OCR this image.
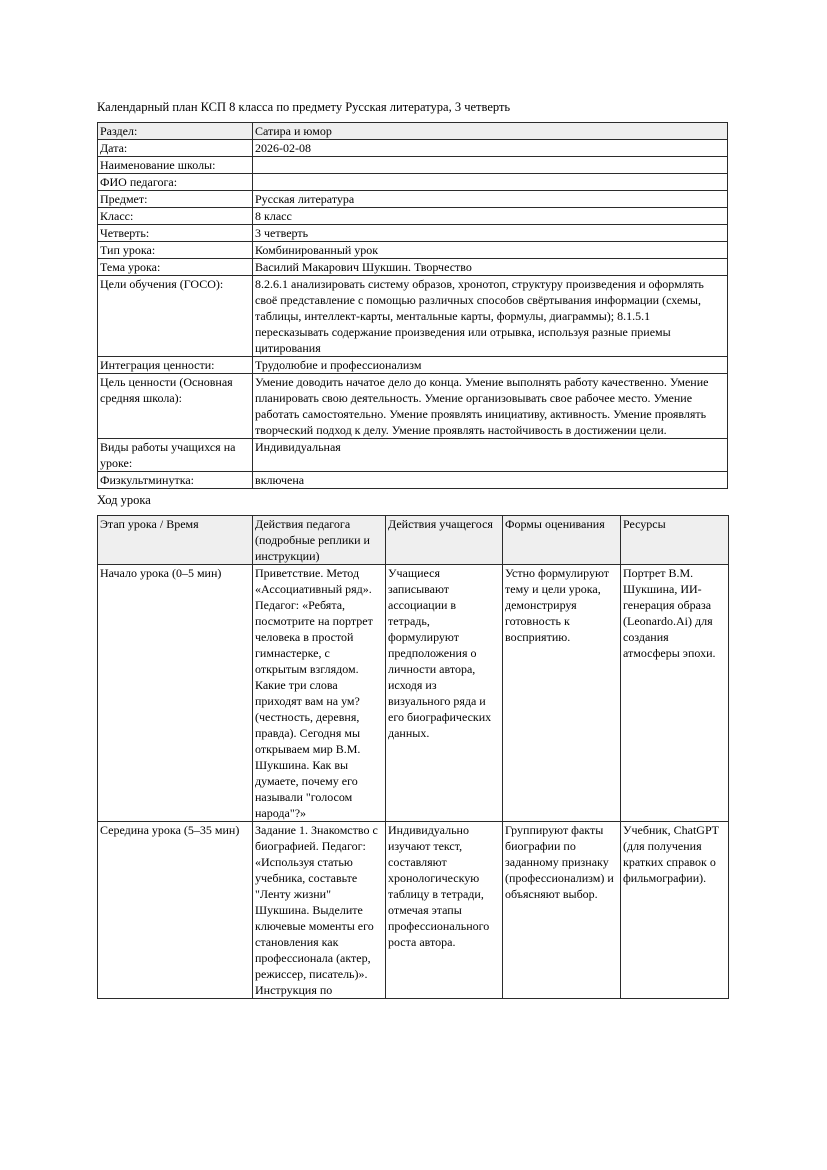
Календарный план КСП 8 класса по предмету Русская литература, 3 четверть

Раздел:	Сатира и юмор
Дата:	2026-02-08
Наименование школы:	
ФИО педагога:	
Предмет:	Русская литература
Класс:	8 класс
Четверть:	3 четверть
Тип урока:	Комбинированный урок
Тема урока:	Василий Макарович Шукшин. Творчество
Цели обучения (ГОСО):	8.2.6.1 анализировать систему образов, хронотоп, структуру произведения и оформлять своё представление с помощью различных способов свёртывания информации (схемы, таблицы, интеллект-карты, ментальные карты, формулы, диаграммы); 8.1.5.1 пересказывать содержание произведения или отрывка, используя разные приемы цитирования
Интеграция ценности:	Трудолюбие и профессионализм
Цель ценности (Основная средняя школа):	Умение доводить начатое дело до конца. Умение выполнять работу качественно. Умение планировать свою деятельность. Умение организовывать свое рабочее место. Умение работать самостоятельно. Умение проявлять инициативу, активность. Умение проявлять творческий подход к делу. Умение проявлять настойчивость в достижении цели.
Виды работы учащихся на уроке:	Индивидуальная
Физкультминутка:	включена

Ход урока

Этап урока / Время	Действия педагога (подробные реплики и инструкции)	Действия учащегося	Формы оценивания	Ресурсы
Начало урока (0–5 мин)	Приветствие. Метод «Ассоциативный ряд». Педагог: «Ребята, посмотрите на портрет человека в простой гимнастерке, с открытым взглядом. Какие три слова приходят вам на ум? (честность, деревня, правда). Сегодня мы открываем мир В.М. Шукшина. Как вы думаете, почему его называли "голосом народа"?»	Учащиеся записывают ассоциации в тетрадь, формулируют предположения о личности автора, исходя из визуального ряда и его биографических данных.	Устно формулируют тему и цели урока, демонстрируя готовность к восприятию.	Портрет В.М. Шукшина, ИИ-генерация образа (Leonardo.Ai) для создания атмосферы эпохи.
Середина урока (5–35 мин)	Задание 1. Знакомство с биографией. Педагог: «Используя статью учебника, составьте "Ленту жизни" Шукшина. Выделите ключевые моменты его становления как профессионала (актер, режиссер, писатель)». Инструкция по	Индивидуально изучают текст, составляют хронологическую таблицу в тетради, отмечая этапы профессионального роста автора.	Группируют факты биографии по заданному признаку (профессионализм) и объясняют выбор.	Учебник, ChatGPT (для получения кратких справок о фильмографии).
